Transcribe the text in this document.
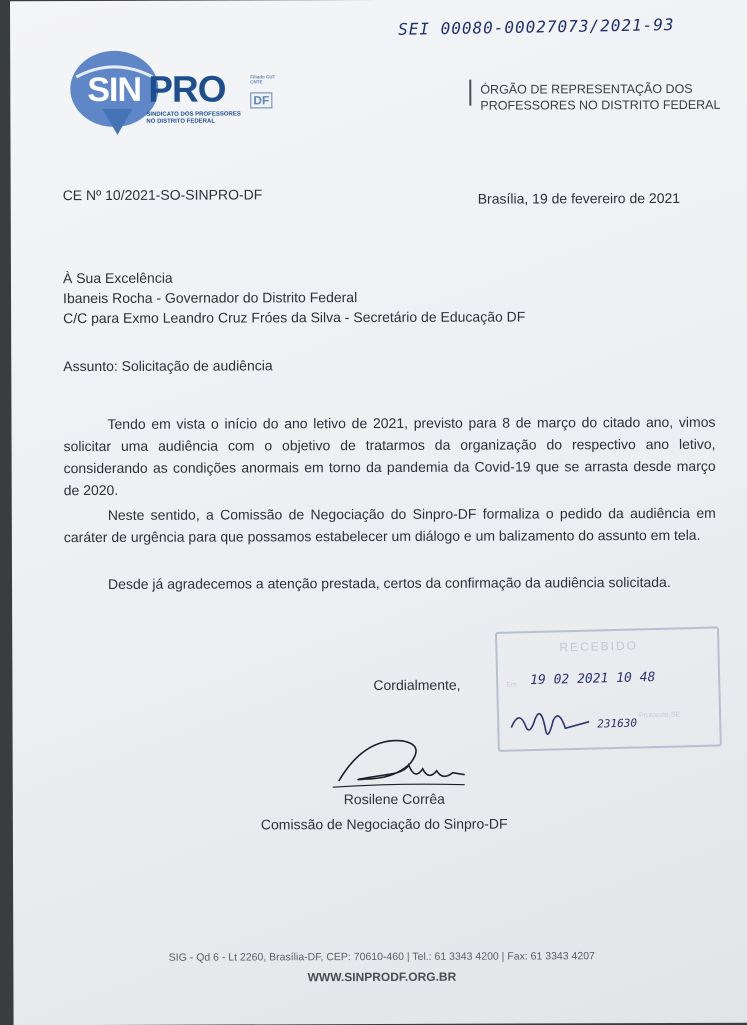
SEI 00080-00027073/2021-93
SIN PRO	Filiado CUT CNTE
DF
SINDICATO DOS PROFESSORES
NO DISTRITO FEDERAL
ÓRGÃO DE REPRESENTAÇÃO DOS
PROFESSORES NO DISTRITO FEDERAL
CE Nº 10/2021-SO-SINPRO-DF	Brasília, 19 de fevereiro de 2021
À Sua Excelência
Ibaneis Rocha - Governador do Distrito Federal
C/C para Exmo Leandro Cruz Fróes da Silva - Secretário de Educação DF
Assunto: Solicitação de audiência
Tendo em vista o início do ano letivo de 2021, previsto para 8 de março do citado ano, vimos solicitar uma audiência com o objetivo de tratarmos da organização do respectivo ano letivo, considerando as condições anormais em torno da pandemia da Covid-19 que se arrasta desde março de 2020.
Neste sentido, a Comissão de Negociação do Sinpro-DF formaliza o pedido da audiência em caráter de urgência para que possamos estabelecer um diálogo e um balizamento do assunto em tela.
Desde já agradecemos a atenção prestada, certos da confirmação da audiência solicitada.
Cordialmente,
RECEBIDO
Em 19 02 2021 10 48
231630
Protocolo-SE
Rosilene Corrêa
Comissão de Negociação do Sinpro-DF
SIG - Qd 6 - Lt 2260, Brasília-DF, CEP: 70610-460 | Tel.: 61 3343 4200 | Fax: 61 3343 4207
WWW.SINPRODF.ORG.BR
